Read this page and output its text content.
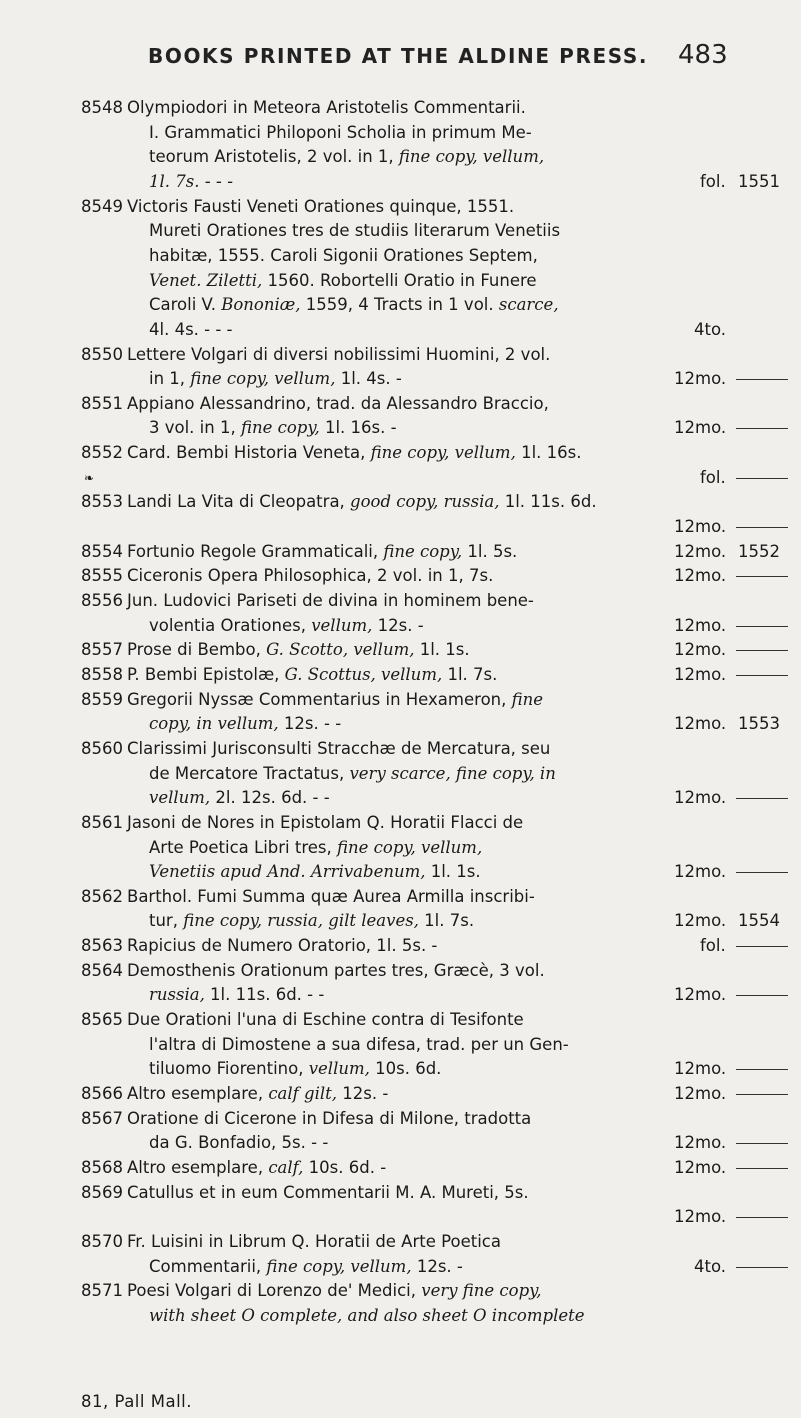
BOOKS PRINTED AT THE ALDINE PRESS. 483
8548 Olympiodori in Meteora Aristotelis Commentarii.
I. Grammatici Philoponi Scholia in primum Me-
teorum Aristotelis, 2 vol. in 1, fine copy, vellum,
1l. 7s. - - -	fol. 1551
8549 Victoris Fausti Veneti Orationes quinque, 1551.
Mureti Orationes tres de studiis literarum Venetiis
habitæ, 1555. Caroli Sigonii Orationes Septem,
Venet. Ziletti, 1560. Robortelli Oratio in Funere
Caroli V. Bononiæ, 1559, 4 Tracts in 1 vol. scarce,
4l. 4s. - - -	4to.
8550 Lettere Volgari di diversi nobilissimi Huomini, 2 vol.
in 1, fine copy, vellum, 1l. 4s. -	12mo.
8551 Appiano Alessandrino, trad. da Alessandro Braccio,
3 vol. in 1, fine copy, 1l. 16s. -	12mo.
8552 Card. Bembi Historia Veneta, fine copy, vellum, 1l. 16s.
❧	fol.
8553 Landi La Vita di Cleopatra, good copy, russia, 1l. 11s. 6d.
12mo.
8554 Fortunio Regole Grammaticali, fine copy, 1l. 5s.	12mo. 1552
8555 Ciceronis Opera Philosophica, 2 vol. in 1, 7s.	12mo.
8556 Jun. Ludovici Pariseti de divina in hominem bene-
volentia Orationes, vellum, 12s. -	12mo.
8557 Prose di Bembo, G. Scotto, vellum, 1l. 1s.	12mo.
8558 P. Bembi Epistolæ, G. Scottus, vellum, 1l. 7s.	12mo.
8559 Gregorii Nyssæ Commentarius in Hexameron, fine
copy, in vellum, 12s. - -	12mo. 1553
8560 Clarissimi Jurisconsulti Stracchæ de Mercatura, seu
de Mercatore Tractatus, very scarce, fine copy, in
vellum, 2l. 12s. 6d. - -	12mo.
8561 Jasoni de Nores in Epistolam Q. Horatii Flacci de
Arte Poetica Libri tres, fine copy, vellum,
Venetiis apud And. Arrivabenum, 1l. 1s.	12mo.
8562 Barthol. Fumi Summa quæ Aurea Armilla inscribi-
tur, fine copy, russia, gilt leaves, 1l. 7s.	12mo. 1554
8563 Rapicius de Numero Oratorio, 1l. 5s. -	fol.
8564 Demosthenis Orationum partes tres, Græcè, 3 vol.
russia, 1l. 11s. 6d. - -	12mo.
8565 Due Orationi l'una di Eschine contra di Tesifonte
l'altra di Dimostene a sua difesa, trad. per un Gen-
tiluomo Fiorentino, vellum, 10s. 6d.	12mo.
8566 Altro esemplare, calf gilt, 12s. -	12mo.
8567 Oratione di Cicerone in Difesa di Milone, tradotta
da G. Bonfadio, 5s. - -	12mo.
8568 Altro esemplare, calf, 10s. 6d. -	12mo.
8569 Catullus et in eum Commentarii M. A. Mureti, 5s.
12mo.
8570 Fr. Luisini in Librum Q. Horatii de Arte Poetica
Commentarii, fine copy, vellum, 12s. -	4to.
8571 Poesi Volgari di Lorenzo de' Medici, very fine copy,
with sheet O complete, and also sheet O incomplete
81, Pall Mall.
